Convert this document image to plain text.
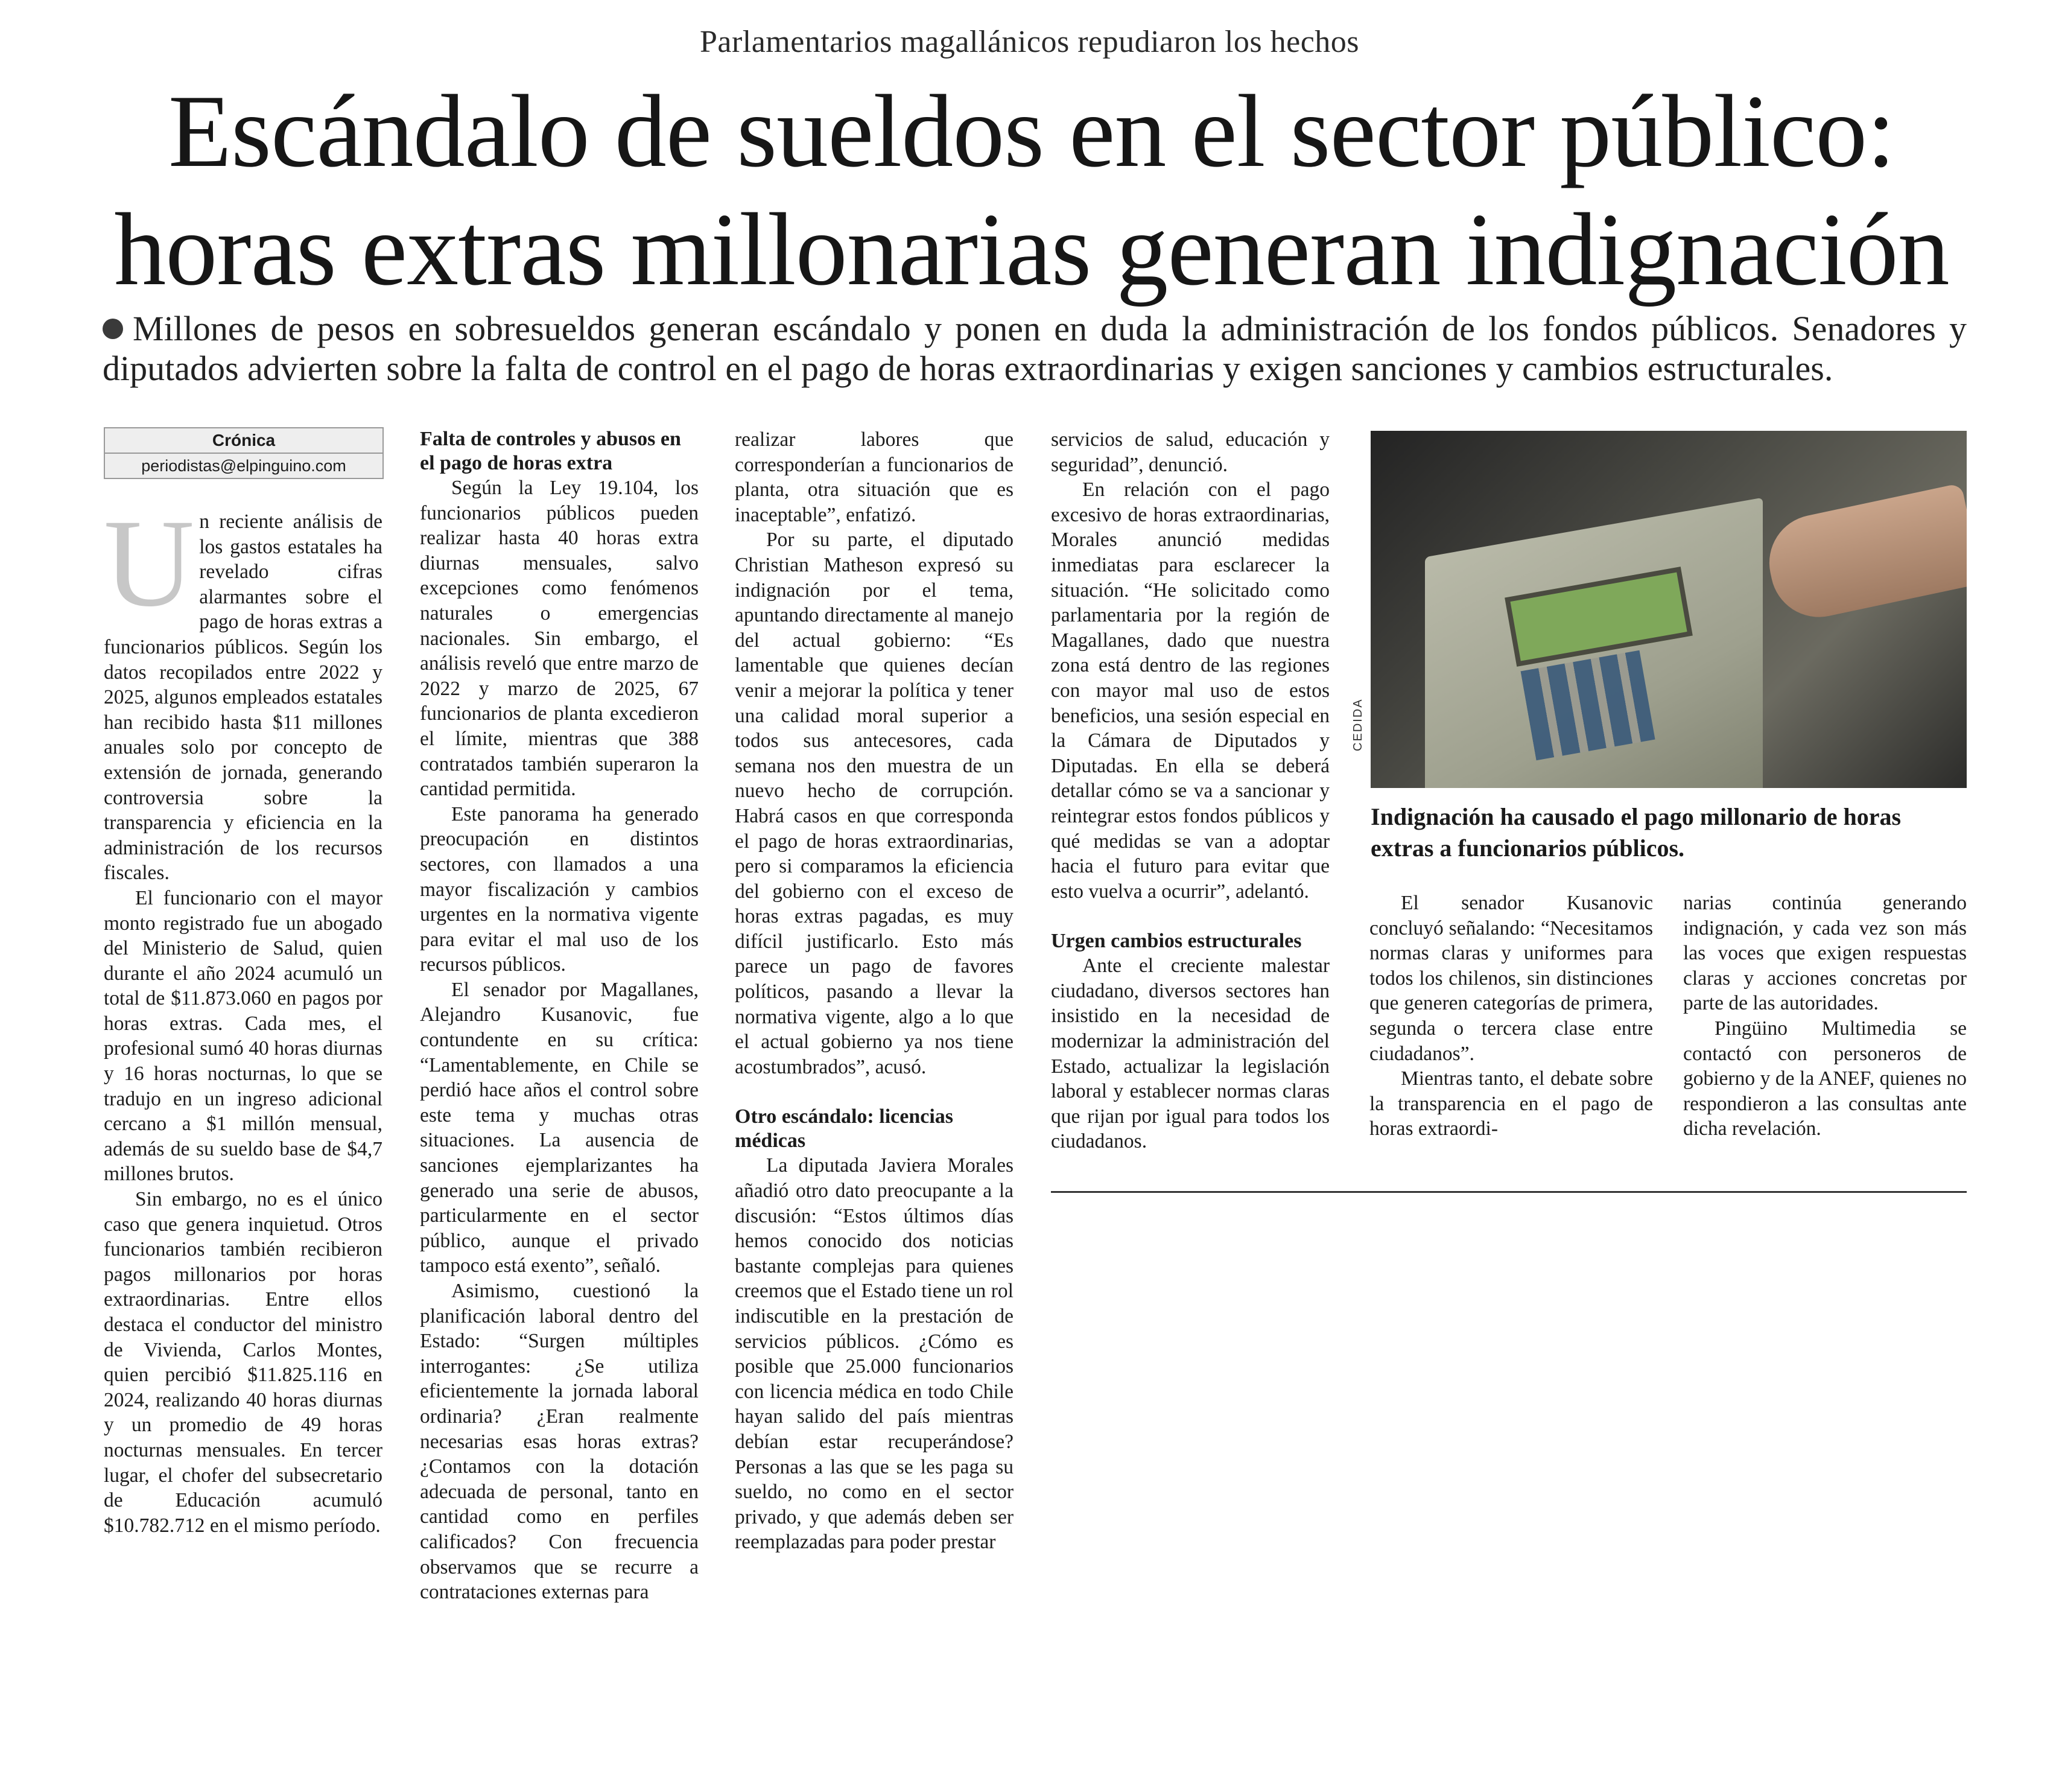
Parlamentarios magallánicos repudiaron los hechos
Escándalo de sueldos en el sector público:
horas extras millonarias generan indignación
Millones de pesos en sobresueldos generan escándalo y ponen en duda la administración de los fondos públicos. Senadores y diputados advierten sobre la falta de control en el pago de horas extraordinarias y exigen sanciones y cambios estructurales.
Crónica
periodistas@elpinguino.com

Un reciente análisis de los gastos estatales ha revelado cifras alarmantes sobre el pago de horas extras a funcionarios públicos. Según los datos recopilados entre 2022 y 2025, algunos empleados estatales han recibido hasta $11 millones anuales solo por concepto de extensión de jornada, generando controversia sobre la transparencia y eficiencia en la administración de los recursos fiscales.

El funcionario con el mayor monto registrado fue un abogado del Ministerio de Salud, quien durante el año 2024 acumuló un total de $11.873.060 en pagos por horas extras. Cada mes, el profesional sumó 40 horas diurnas y 16 horas nocturnas, lo que se tradujo en un ingreso adicional cercano a $1 millón mensual, además de su sueldo base de $4,7 millones brutos.

Sin embargo, no es el único caso que genera inquietud. Otros funcionarios también recibieron pagos millonarios por horas extraordinarias. Entre ellos destaca el conductor del ministro de Vivienda, Carlos Montes, quien percibió $11.825.116 en 2024, realizando 40 horas diurnas y un promedio de 49 horas nocturnas mensuales. En tercer lugar, el chofer del subsecretario de Educación acumuló $10.782.712 en el mismo período.

Falta de controles y abusos en el pago de horas extra

Según la Ley 19.104, los funcionarios públicos pueden realizar hasta 40 horas extra diurnas mensuales, salvo excepciones como fenómenos naturales o emergencias nacionales. Sin embargo, el análisis reveló que entre marzo de 2022 y marzo de 2025, 67 funcionarios de planta excedieron el límite, mientras que 388 contratados también superaron la cantidad permitida.

Este panorama ha generado preocupación en distintos sectores, con llamados a una mayor fiscalización y cambios urgentes en la normativa vigente para evitar el mal uso de los recursos públicos.

El senador por Magallanes, Alejandro Kusanovic, fue contundente en su crítica: “Lamentablemente, en Chile se perdió hace años el control sobre este tema y muchas otras situaciones. La ausencia de sanciones ejemplarizantes ha generado una serie de abusos, particularmente en el sector público, aunque el privado tampoco está exento”, señaló.

Asimismo, cuestionó la planificación laboral dentro del Estado: “Surgen múltiples interrogantes: ¿Se utiliza eficientemente la jornada laboral ordinaria? ¿Eran realmente necesarias esas horas extras? ¿Contamos con la dotación adecuada de personal, tanto en cantidad como en perfiles calificados? Con frecuencia observamos que se recurre a contrataciones externas para

realizar labores que corresponderían a funcionarios de planta, otra situación que es inaceptable”, enfatizó.

Por su parte, el diputado Christian Matheson expresó su indignación por el tema, apuntando directamente al manejo del actual gobierno: “Es lamentable que quienes decían venir a mejorar la política y tener una calidad moral superior a todos sus antecesores, cada semana nos den muestra de un nuevo hecho de corrupción. Habrá casos en que corresponda el pago de horas extraordinarias, pero si comparamos la eficiencia del gobierno con el exceso de horas extras pagadas, es muy difícil justificarlo. Esto más parece un pago de favores políticos, pasando a llevar la normativa vigente, algo a lo que el actual gobierno ya nos tiene acostumbrados”, acusó.

Otro escándalo: licencias médicas

La diputada Javiera Morales añadió otro dato preocupante a la discusión: “Estos últimos días hemos conocido dos noticias bastante complejas para quienes creemos que el Estado tiene un rol indiscutible en la prestación de servicios públicos. ¿Cómo es posible que 25.000 funcionarios con licencia médica en todo Chile hayan salido del país mientras debían estar recuperándose? Personas a las que se les paga su sueldo, no como en el sector privado, y que además deben ser reemplazadas para poder prestar

servicios de salud, educación y seguridad”, denunció.

En relación con el pago excesivo de horas extraordinarias, Morales anunció medidas inmediatas para esclarecer la situación. “He solicitado como parlamentaria por la región de Magallanes, dado que nuestra zona está dentro de las regiones con mayor mal uso de estos beneficios, una sesión especial en la Cámara de Diputados y Diputadas. En ella se deberá detallar cómo se va a sancionar y reintegrar estos fondos públicos y qué medidas se van a adoptar hacia el futuro para evitar que esto vuelva a ocurrir”, adelantó.

Urgen cambios estructurales

Ante el creciente malestar ciudadano, diversos sectores han insistido en la necesidad de modernizar la administración del Estado, actualizar la legislación laboral y establecer normas claras que rijan por igual para todos los ciudadanos.

CEDIDA
Indignación ha causado el pago millonario de horas extras a funcionarios públicos.

El senador Kusanovic concluyó señalando: “Necesitamos normas claras y uniformes para todos los chilenos, sin distinciones que generen categorías de primera, segunda o tercera clase entre ciudadanos”.

Mientras tanto, el debate sobre la transparencia en el pago de horas extraordi-

narias continúa generando indignación, y cada vez son más las voces que exigen respuestas claras y acciones concretas por parte de las autoridades.

Pingüino Multimedia se contactó con personeros de gobierno y de la ANEF, quienes no respondieron a las consultas ante dicha revelación.
